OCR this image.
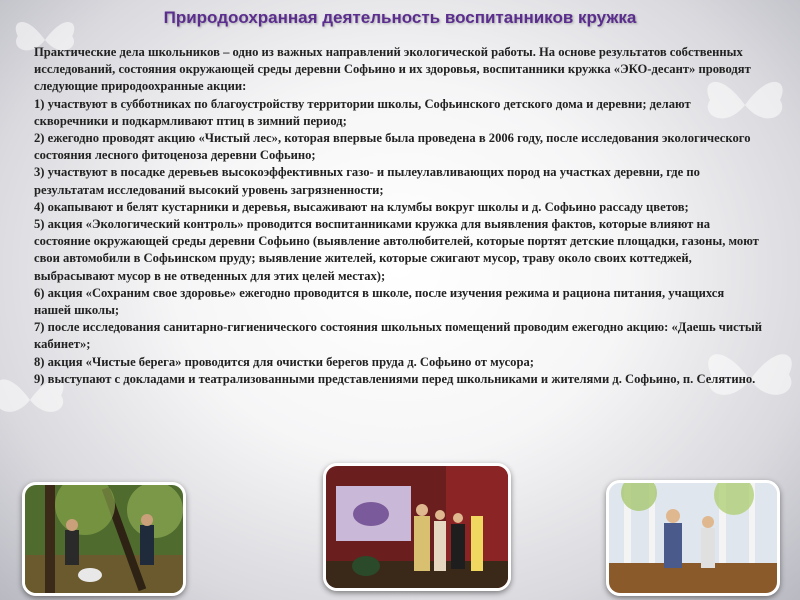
Природоохранная деятельность воспитанников кружка

Практические дела школьников – одно из важных направлений экологической работы. На основе результатов собственных исследований, состояния окружающей среды деревни Софьино и их здоровья, воспитанники кружка «ЭКО-десант» проводят следующие природоохранные акции:

1) участвуют в субботниках по благоустройству территории школы, Софьинского детского дома и деревни; делают скворечники и подкармливают птиц в зимний период;

2) ежегодно проводят акцию «Чистый лес», которая впервые была проведена в 2006 году, после исследования экологического состояния лесного фитоценоза деревни Софьино;

3) участвуют в посадке деревьев высокоэффективных газо- и пылеулавливающих пород на участках деревни, где по результатам исследований высокий уровень загрязненности;

4) окапывают и белят кустарники и деревья, высаживают на клумбы вокруг школы и д. Софьино рассаду цветов;

5) акция «Экологический контроль» проводится воспитанниками кружка для выявления фактов, которые влияют на состояние окружающей среды деревни Софьино (выявление автолюбителей, которые портят детские площадки, газоны, моют свои автомобили в Софьинском пруду; выявление жителей, которые сжигают мусор, траву около своих коттеджей, выбрасывают мусор в не отведенных для этих целей местах);

6) акция «Сохраним свое здоровье» ежегодно проводится в школе, после изучения режима и рациона питания, учащихся нашей школы;

7) после исследования санитарно-гигиенического состояния школьных помещений проводим ежегодно акцию: «Даешь чистый кабинет»;

8) акция «Чистые берега» проводится для очистки берегов пруда д. Софьино от мусора;

9) выступают с докладами и театрализованными представлениями перед школьниками и жителями д. Софьино, п. Селятино.
